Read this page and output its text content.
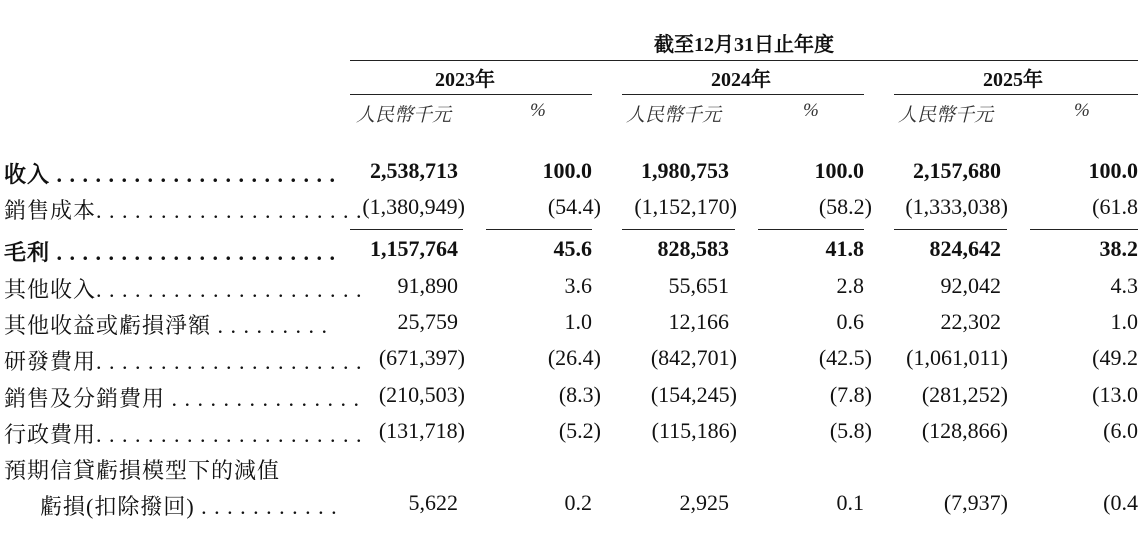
截至12月31日止年度
2023年	2024年	2025年
人民幣千元	%	人民幣千元	%	人民幣千元	%
收入 . . . . . . . . . . . . . . . . . . . . . . 2,538,713	100.0 1,980,753	100.0 2,157,680	100.0
銷售成本. . . . . . . . . . . . . . . . . . . . . (1,380,949)	(54.4) (1,152,170)	(58.2) (1,333,038)	(61.8
毛利 . . . . . . . . . . . . . . . . . . . . . . 1,157,764	45.6	828,583	41.8	824,642	38.2
其他收入. . . . . . . . . . . . . . . . . . . . . 91,890	3.6	55,651	2.8	92,042	4.3
其他收益或虧損淨額 . . . . . . . . .	25,759	1.0	12,166	0.6	22,302	1.0
研發費用. . . . . . . . . . . . . . . . . . . . . (671,397)	(26.4) (842,701)	(42.5) (1,061,011)	(49.2
銷售及分銷費用 . . . . . . . . . . . . . . . (210,503)	(8.3) (154,245)	(7.8) (281,252)	(13.0
行政費用. . . . . . . . . . . . . . . . . . . . . (131,718)	(5.2) (115,186)	(5.8) (128,866)	(6.0
預期信貸虧損模型下的減值
虧損(扣除撥回) . . . . . . . . . . .	5,622	0.2	2,925	0.1	(7,937)	(0.4
